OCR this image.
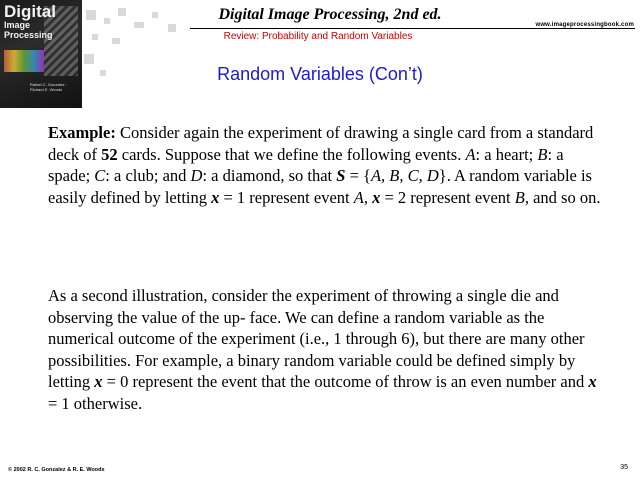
Digital
Image
Processing
Rafael C. Gonzalez · Richard E. Woods
Digital Image Processing, 2nd ed.
www.imageprocessingbook.com
Review: Probability and Random Variables
Random Variables (Con’t)
Example: Consider again the experiment of drawing a single card from a standard deck of 52 cards. Suppose that we define the following events. A: a heart; B: a spade; C: a club; and D: a diamond, so that S = {A, B, C, D}. A random variable is easily defined by letting x = 1 represent event A, x = 2 represent event B, and so on.
As a second illustration, consider the experiment of throwing a single die and observing the value of the up- face. We can define a random variable as the numerical outcome of the experiment (i.e., 1 through 6), but there are many other possibilities. For example, a binary random variable could be defined simply by letting x = 0 represent the event that the outcome of throw is an even number and x = 1 otherwise.
© 2002 R. C. Gonzalez & R. E. Woods	35
